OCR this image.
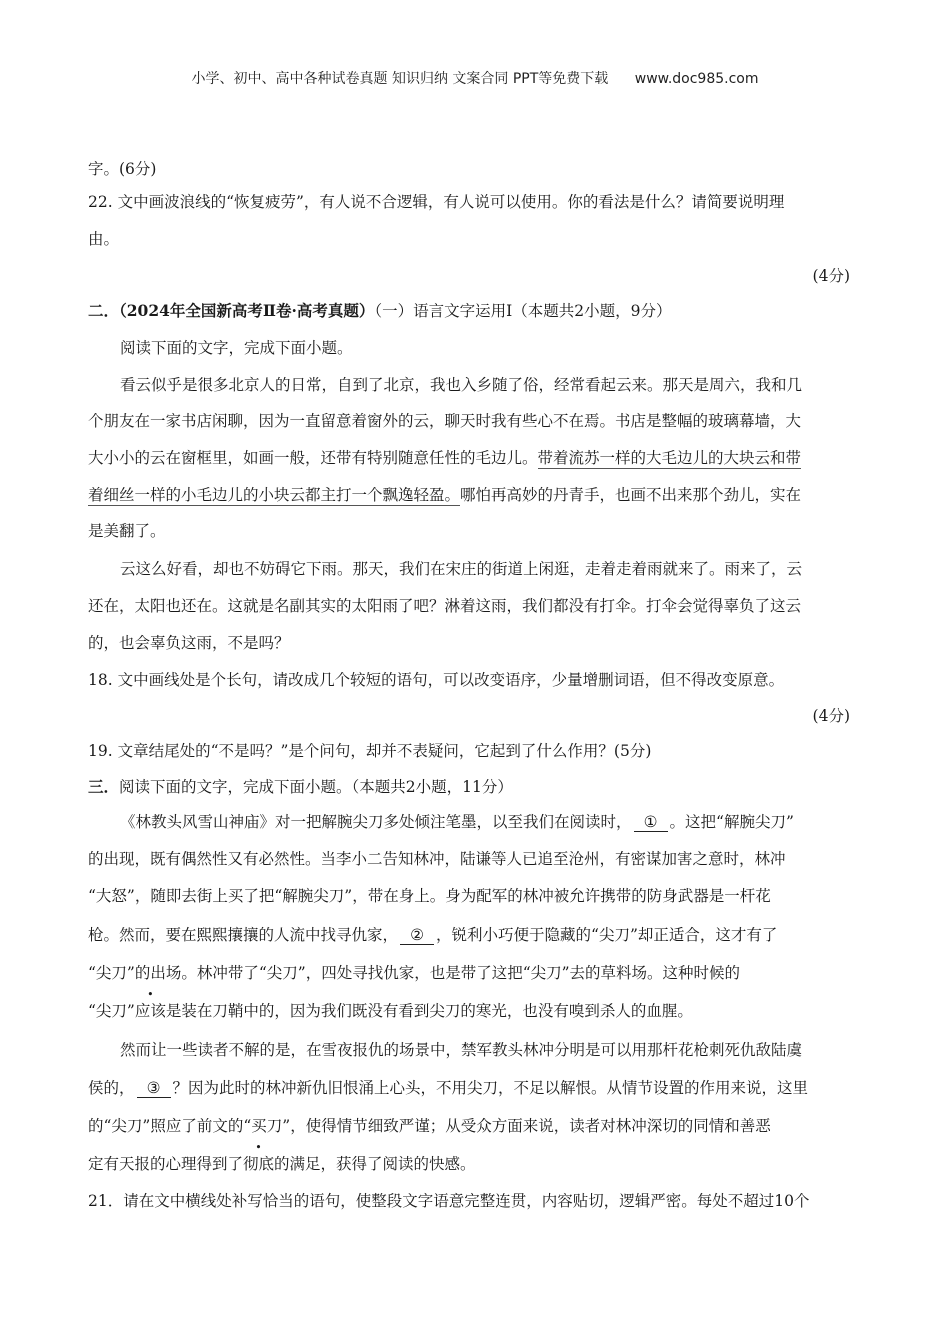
小学、初中、高中各种试卷真题 知识归纳 文案合同 PPT等免费下载 www.doc985.com
字。(6分)
22. 文中画波浪线的“恢复疲劳”，有人说不合逻辑，有人说可以使用。你的看法是什么？请简要说明理
由。
(4分)
二．（2024年全国新高考Ⅱ卷·高考真题）（一）语言文字运用Ⅰ（本题共2小题，9分）
阅读下面的文字，完成下面小题。
看云似乎是很多北京人的日常，自到了北京，我也入乡随了俗，经常看起云来。那天是周六，我和几
个朋友在一家书店闲聊，因为一直留意着窗外的云，聊天时我有些心不在焉。书店是整幅的玻璃幕墙，大
大小小的云在窗框里，如画一般，还带有特别随意任性的毛边儿。带着流苏一样的大毛边儿的大块云和带
着细丝一样的小毛边儿的小块云都主打一个飘逸轻盈。哪怕再高妙的丹青手，也画不出来那个劲儿，实在
是美翻了。
云这么好看，却也不妨碍它下雨。那天，我们在宋庄的街道上闲逛，走着走着雨就来了。雨来了，云
还在，太阳也还在。这就是名副其实的太阳雨了吧？淋着这雨，我们都没有打伞。打伞会觉得辜负了这云
的，也会辜负这雨，不是吗？
18. 文中画线处是个长句，请改成几个较短的语句，可以改变语序，少量增删词语，但不得改变原意。
(4分)
19. 文章结尾处的“不是吗？”是个问句，却并不表疑问，它起到了什么作用？(5分)
三．阅读下面的文字，完成下面小题。（本题共2小题，11分）
《林教头风雪山神庙》对一把解腕尖刀多处倾注笔墨，以至我们在阅读时， ① 。这把“解腕尖刀”
的出现，既有偶然性又有必然性。当李小二告知林冲，陆谦等人已追至沧州，有密谋加害之意时，林冲
“大怒”，随即去街上买了把“解腕尖刀”，带在身上。身为配军的林冲被允许携带的防身武器是一杆花
枪。然而，要在熙熙攘攘的人流中找寻仇家， ② ，锐利小巧便于隐藏的“尖刀”却正适合，这才有了
“尖刀”的出场。林冲带了“尖刀”，四处寻找仇家，也是带了这把“尖刀”去的草料场。这种时候的
“尖刀”应该是装在刀鞘中的，因为我们既没有看到尖刀的寒光，也没有嗅到杀人的血腥。
然而让一些读者不解的是，在雪夜报仇的场景中，禁军教头林冲分明是可以用那杆花枪刺死仇敌陆虞
侯的， ③ ？因为此时的林冲新仇旧恨涌上心头，不用尖刀，不足以解恨。从情节设置的作用来说，这里
的“尖刀”照应了前文的“买刀”，使得情节细致严谨；从受众方面来说，读者对林冲深切的同情和善恶
定有天报的心理得到了彻底的满足，获得了阅读的快感。
21．请在文中横线处补写恰当的语句，使整段文字语意完整连贯，内容贴切，逻辑严密。每处不超过10个
